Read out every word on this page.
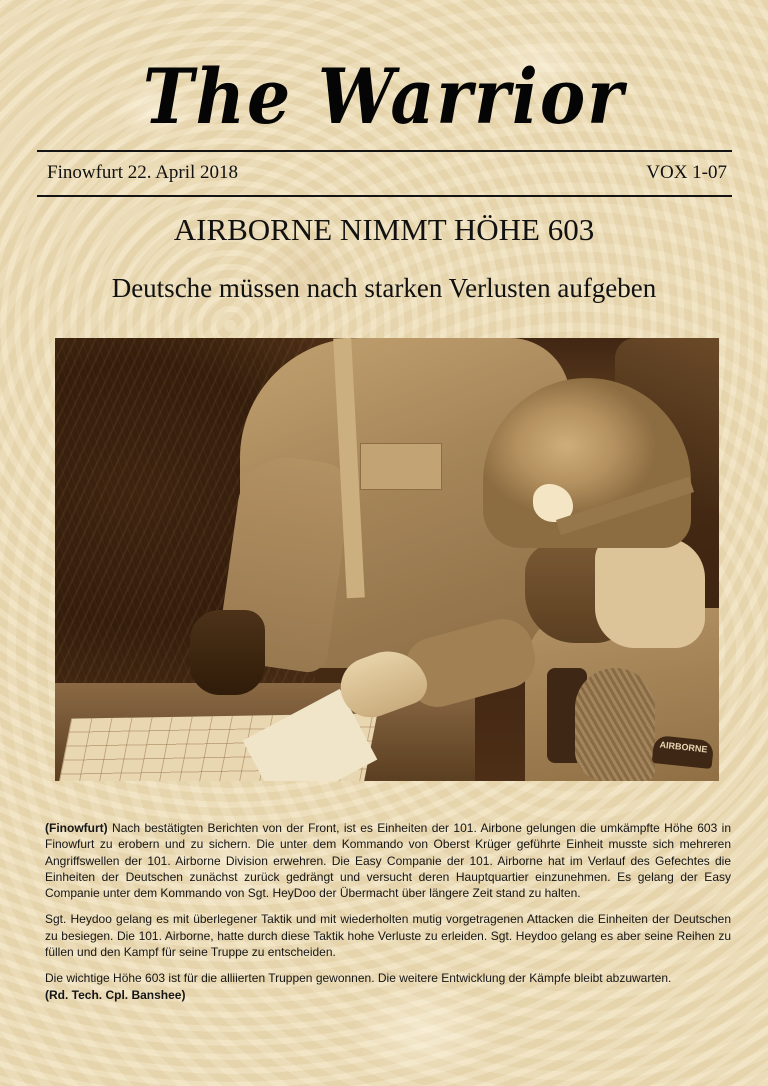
The Warrior
Finowfurt 22. April 2018	VOX 1-07
AIRBORNE NIMMT HÖHE 603
Deutsche müssen nach starken Verlusten aufgeben
AIRBORNE

(Finowfurt) Nach bestätigten Berichten von der Front, ist es Einheiten der 101. Airbone gelungen die umkämpfte Höhe 603 in Finowfurt zu erobern und zu sichern. Die unter dem Kommando von Oberst Krüger geführte Einheit musste sich mehreren Angriffswellen der 101. Airborne Division erwehren. Die Easy Companie der 101. Airborne hat im Verlauf des Gefechtes die Einheiten der Deutschen zunächst zurück gedrängt und versucht deren Hauptquartier einzunehmen. Es gelang der Easy Companie unter dem Kommando von Sgt. HeyDoo der Übermacht über längere Zeit stand zu halten.

Sgt. Heydoo gelang es mit überlegener Taktik und mit wiederholten mutig vorgetragenen Attacken die Einheiten der Deutschen zu besiegen. Die 101. Airborne, hatte durch diese Taktik hohe Verluste zu erleiden. Sgt. Heydoo gelang es aber seine Reihen zu füllen und den Kampf für seine Truppe zu entscheiden.

Die wichtige Höhe 603 ist für die alliierten Truppen gewonnen. Die weitere Entwicklung der Kämpfe bleibt abzuwarten.
(Rd. Tech. Cpl. Banshee)
